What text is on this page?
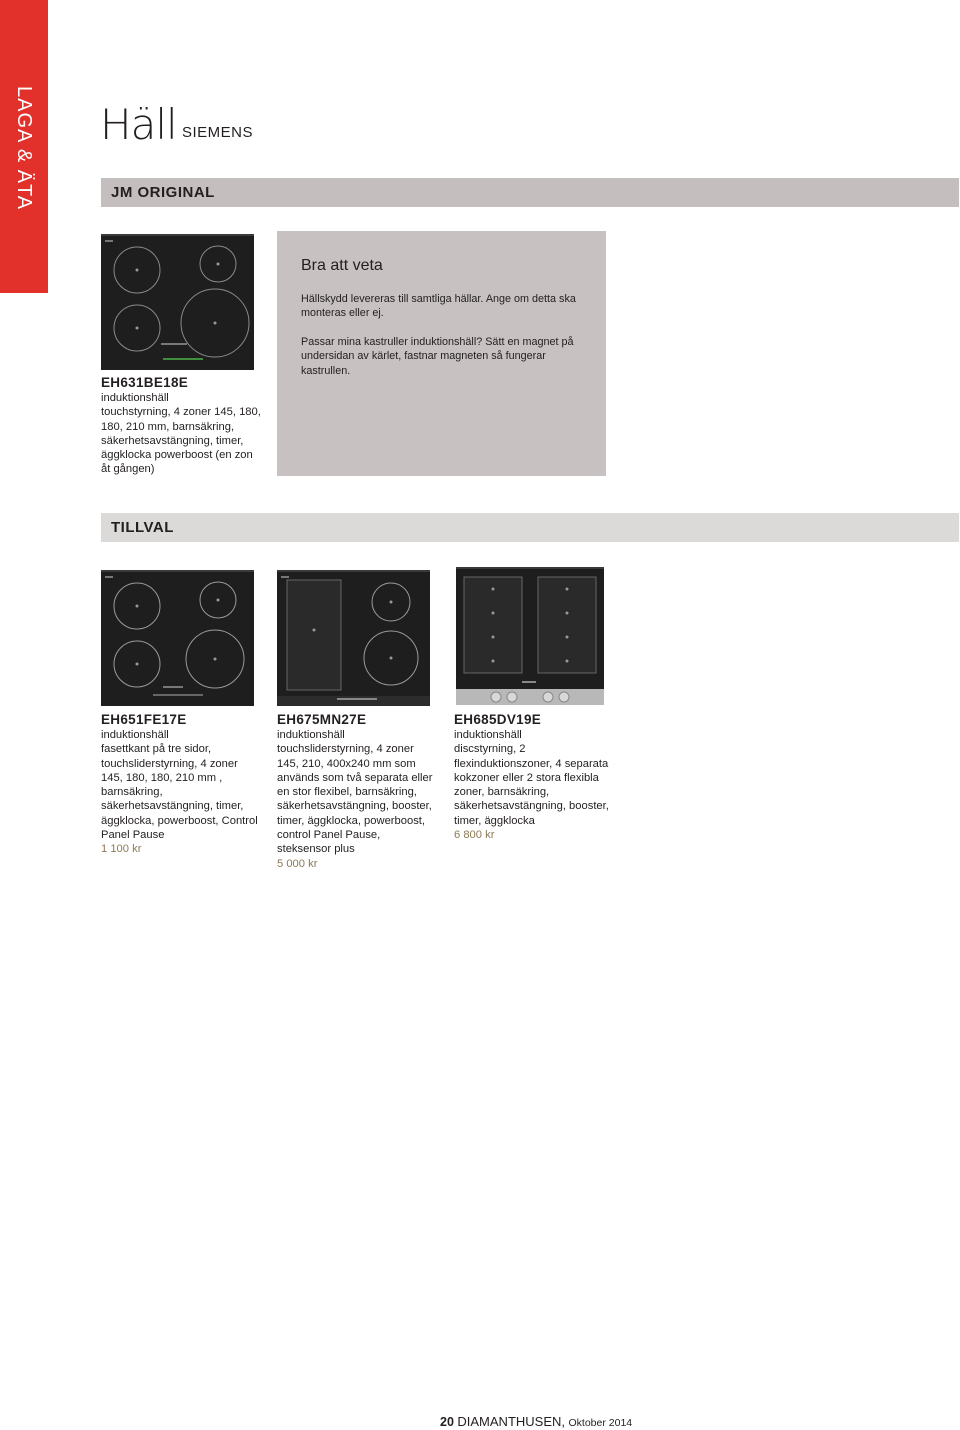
LAGA & ÄTA Häll SIEMENS
JM ORIGINAL
EH631BE18E
induktionshäll
touchstyrning, 4 zoner 145, 180, 180, 210 mm, barnsäkring, säkerhetsavstängning, timer, äggklocka powerboost (en zon åt gången)
Bra att veta
Hällskydd levereras till samtliga hällar. Ange om detta ska monteras eller ej.
Passar mina kastruller induktionshäll? Sätt en magnet på undersidan av kärlet, fastnar magneten så fungerar kastrullen.
TILLVAL
EH651FE17E
induktionshäll
fasettkant på tre sidor, touchsliderstyrning, 4 zoner 145, 180, 180, 210 mm , barnsäkring, säkerhetsavstängning, timer, äggklocka, powerboost, Control Panel Pause
1 100 kr
EH675MN27E
induktionshäll
touchsliderstyrning, 4 zoner 145, 210, 400x240 mm som används som två separata eller en stor flexibel, barnsäkring, säkerhetsavstängning, booster, timer, äggklocka, powerboost, control Panel Pause, steksensor plus
5 000 kr
EH685DV19E
induktionshäll
discstyrning, 2 flexinduktionszoner, 4 separata kokzoner eller 2 stora flexibla zoner, barnsäkring, säkerhetsavstängning, booster, timer, äggklocka
6 800 kr
20 DIAMANTHUSEN, Oktober 2014
